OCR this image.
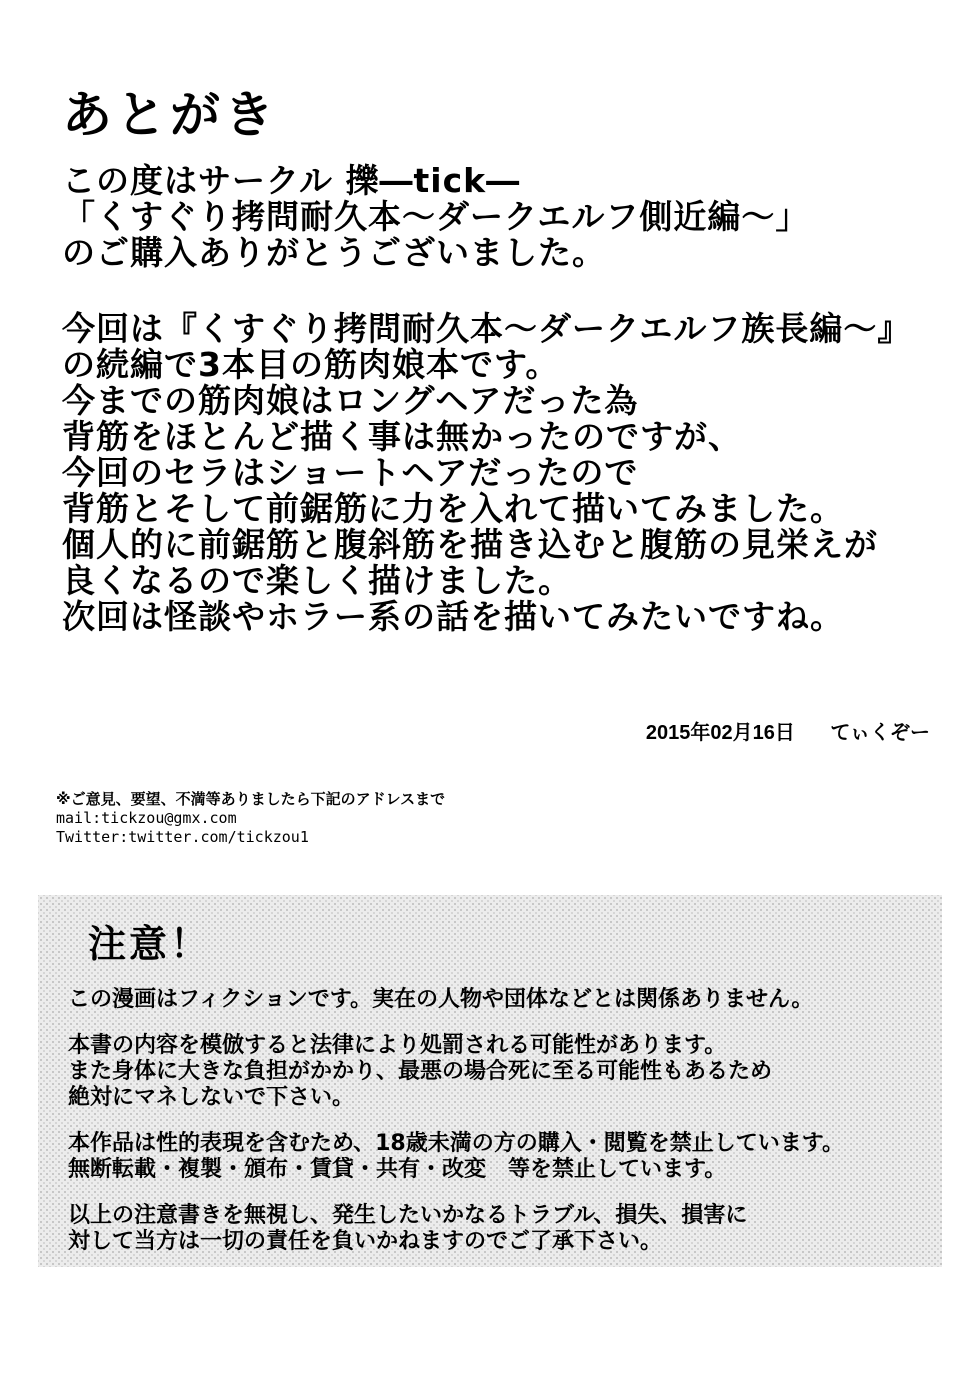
あとがき
この度はサークル 擽―tick―
「くすぐり拷問耐久本～ダークエルフ側近編～」
のご購入ありがとうございました。
今回は『くすぐり拷問耐久本～ダークエルフ族長編～』
の続編で3本目の筋肉娘本です。
今までの筋肉娘はロングヘアだった為
背筋をほとんど描く事は無かったのですが、
今回のセラはショートヘアだったので
背筋とそして前鋸筋に力を入れて描いてみました。
個人的に前鋸筋と腹斜筋を描き込むと腹筋の見栄えが
良くなるので楽しく描けました。
次回は怪談やホラー系の話を描いてみたいですね。
2015年02月16日 てぃくぞー
※ご意見、要望、不満等ありましたら下記のアドレスまで
mail:tickzou@gmx.com
Twitter:twitter.com/tickzou1
注意！
この漫画はフィクションです。実在の人物や団体などとは関係ありません。
本書の内容を模倣すると法律により処罰される可能性があります。
また身体に大きな負担がかかり、最悪の場合死に至る可能性もあるため
絶対にマネしないで下さい。
本作品は性的表現を含むため、18歳未満の方の購入・閲覧を禁止しています。
無断転載・複製・頒布・賃貸・共有・改変　等を禁止しています。
以上の注意書きを無視し、発生したいかなるトラブル、損失、損害に
対して当方は一切の責任を負いかねますのでご了承下さい。
